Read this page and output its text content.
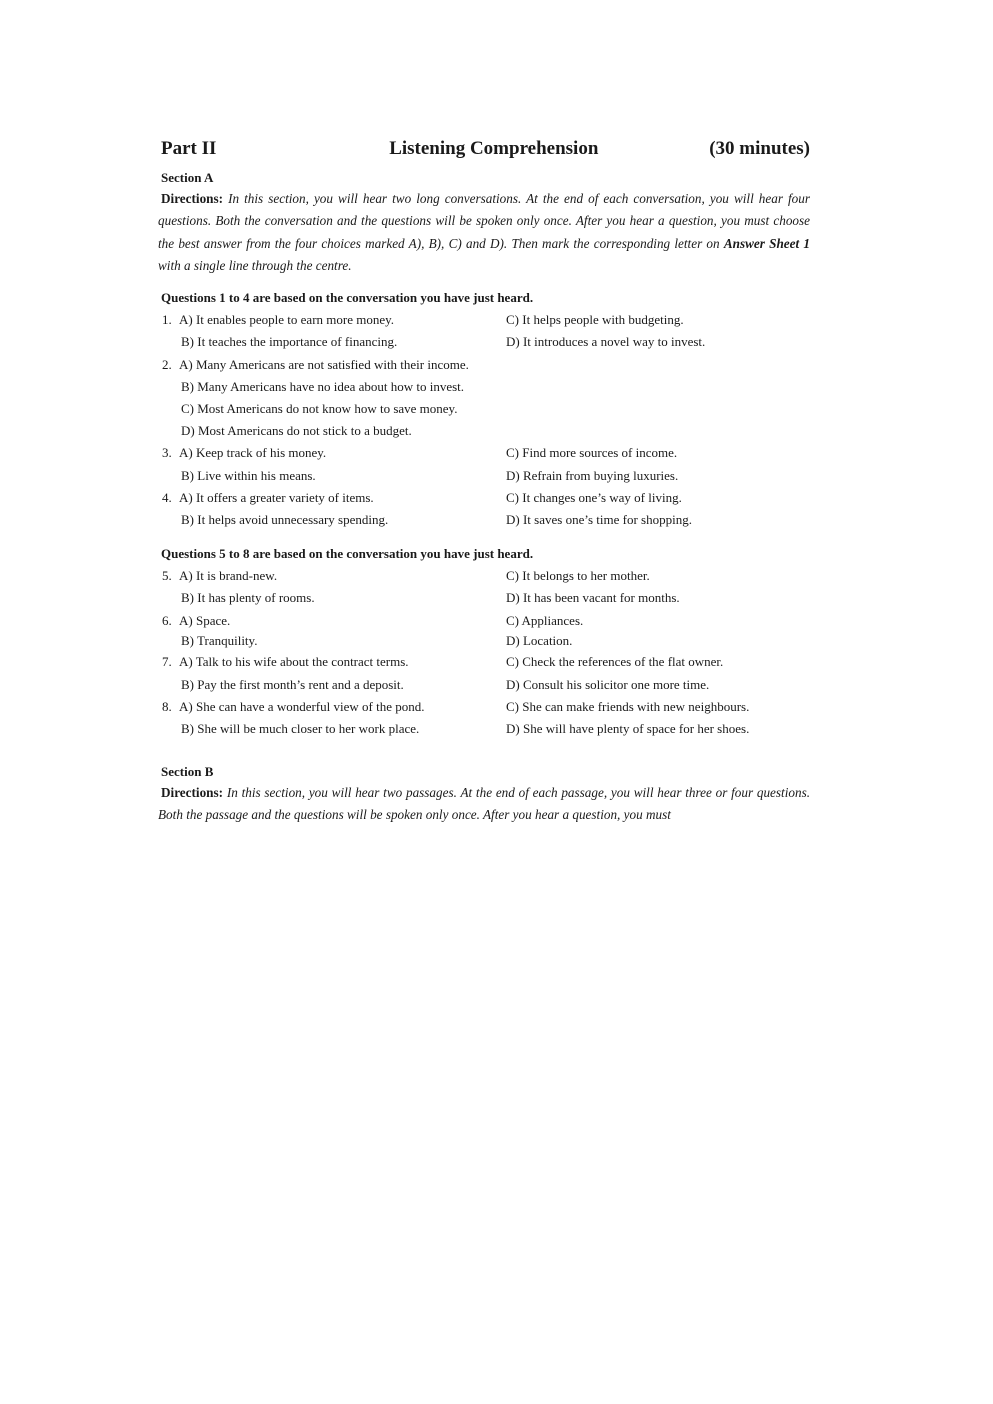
Part II	Listening Comprehension	(30 minutes)
Section A
Directions: In this section, you will hear two long conversations. At the end of each conversation, you will hear four questions. Both the conversation and the questions will be spoken only once. After you hear a question, you must choose the best answer from the four choices marked A), B), C) and D). Then mark the corresponding letter on Answer Sheet 1 with a single line through the centre.
Questions 1 to 4 are based on the conversation you have just heard.
1. A) It enables people to earn more money.	C) It helps people with budgeting.
B) It teaches the importance of financing.	D) It introduces a novel way to invest.
2. A) Many Americans are not satisfied with their income.
B) Many Americans have no idea about how to invest.
C) Most Americans do not know how to save money.
D) Most Americans do not stick to a budget.
3. A) Keep track of his money.	C) Find more sources of income.
B) Live within his means.	D) Refrain from buying luxuries.
4. A) It offers a greater variety of items.	C) It changes one’s way of living.
B) It helps avoid unnecessary spending.	D) It saves one’s time for shopping.
Questions 5 to 8 are based on the conversation you have just heard.
5. A) It is brand-new.	C) It belongs to her mother.
B) It has plenty of rooms.	D) It has been vacant for months.
6. A) Space.	C) Appliances.
B) Tranquility.	D) Location.
7. A) Talk to his wife about the contract terms.	C) Check the references of the flat owner.
B) Pay the first month’s rent and a deposit.	D) Consult his solicitor one more time.
8. A) She can have a wonderful view of the pond.	C) She can make friends with new neighbours.
B) She will be much closer to her work place.	D) She will have plenty of space for her shoes.
Section B
Directions: In this section, you will hear two passages. At the end of each passage, you will hear three or four questions. Both the passage and the questions will be spoken only once. After you hear a question, you must
